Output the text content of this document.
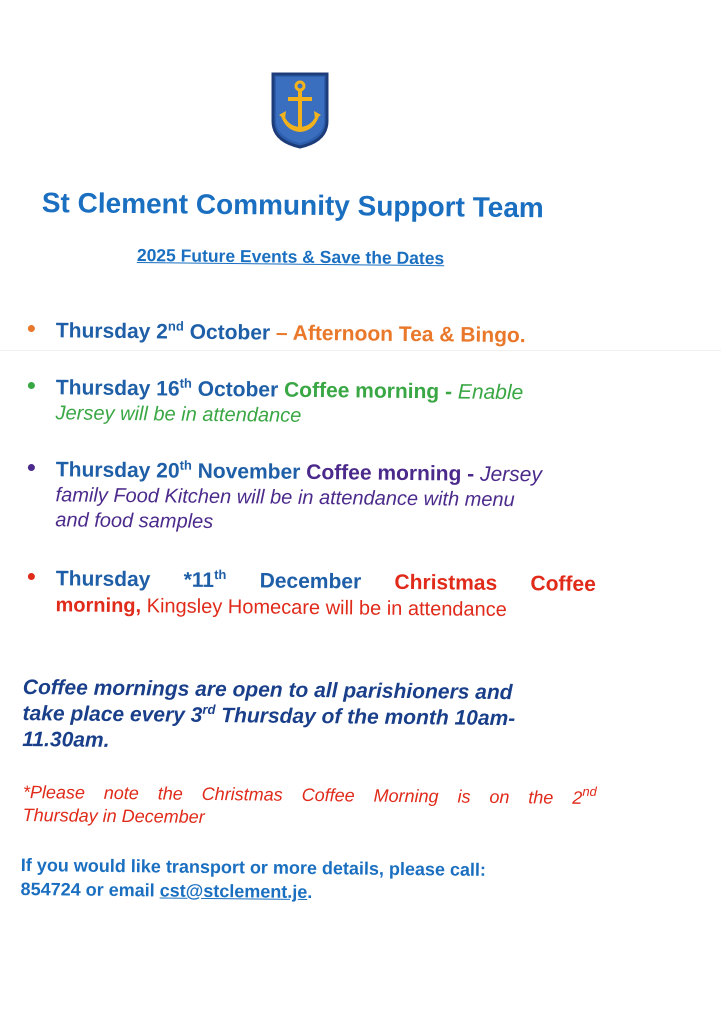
St Clement Community Support Team
2025 Future Events & Save the Dates
Thursday 2nd October – Afternoon Tea & Bingo.
Thursday 16th October Coffee morning - Enable
Jersey will be in attendance
Thursday 20th November Coffee morning - Jersey
family Food Kitchen will be in attendance with menu
and food samples
Thursday *11th December Christmas Coffee
morning, Kingsley Homecare will be in attendance
Coffee mornings are open to all parishioners and
take place every 3rd Thursday of the month 10am-
11.30am.
*Please note the Christmas Coffee Morning is on the 2nd
Thursday in December
If you would like transport or more details, please call:
854724 or email cst@stclement.je.
